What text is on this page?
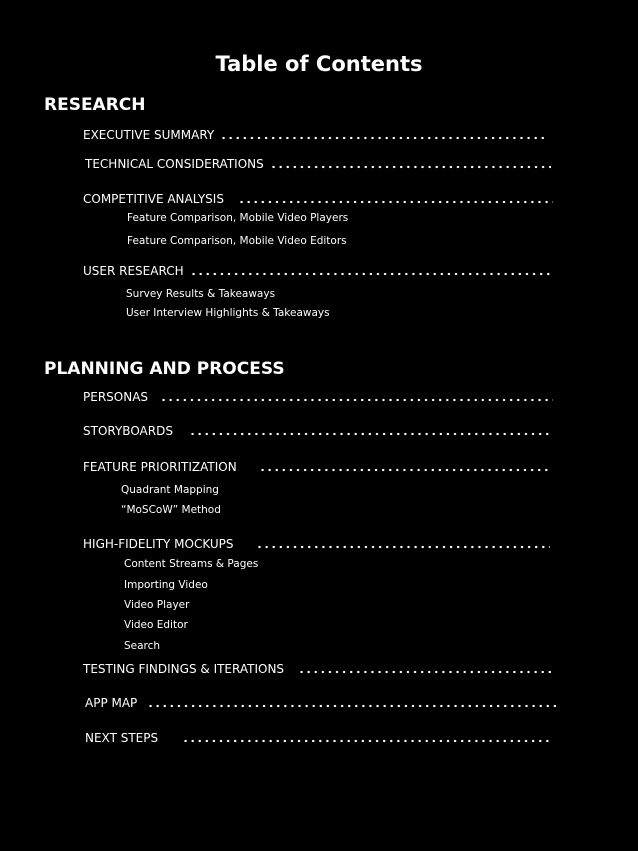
Table of Contents
RESEARCH
EXECUTIVE SUMMARY
TECHNICAL CONSIDERATIONS
COMPETITIVE ANALYSIS
Feature Comparison, Mobile Video Players
Feature Comparison, Mobile Video Editors
USER RESEARCH
Survey Results & Takeaways
User Interview Highlights & Takeaways
PLANNING AND PROCESS
PERSONAS
STORYBOARDS
FEATURE PRIORITIZATION
Quadrant Mapping
“MoSCoW” Method
HIGH-FIDELITY MOCKUPS
Content Streams & Pages
Importing Video
Video Player
Video Editor
Search
TESTING FINDINGS & ITERATIONS
APP MAP
NEXT STEPS
